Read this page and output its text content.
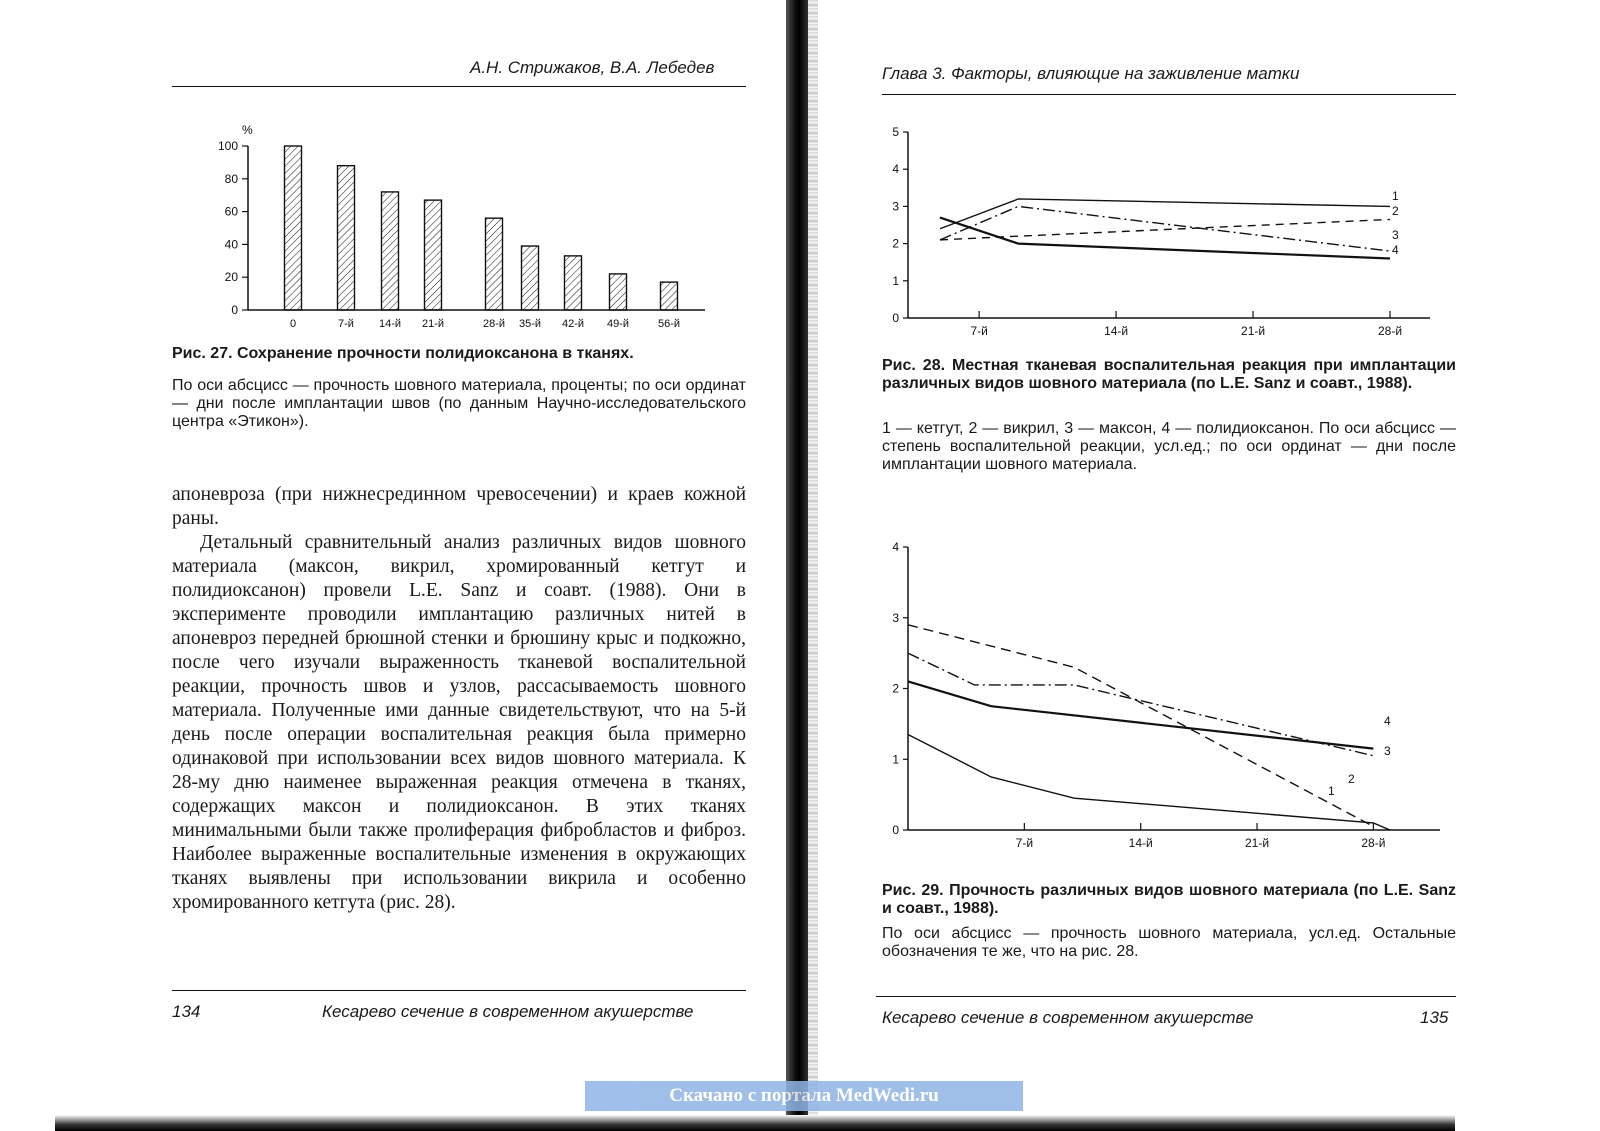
А.Н. Стрижаков, В.А. Лебедев
%
0
20
40
60
80
100
0	7-й 14-й 21-й	28-й 35-й 42-й 49-й	56-й
Рис. 27. Сохранение прочности полидиоксанона в тканях.
По оси абсцисс — прочность шовного материала, проценты; по оси ординат — дни после имплантации швов (по данным Научно-исследовательского центра «Этикон»).

апоневроза (при нижнесрединном чревосечении) и краев кожной раны.

Детальный сравнительный анализ различных видов шовного материала (максон, викрил, хромированный кетгут и полидиоксанон) провели L.E. Sanz и соавт. (1988). Они в эксперименте проводили имплантацию различных нитей в апоневроз передней брюшной стенки и брюшину крыс и подкожно, после чего изучали выраженность тканевой воспалительной реакции, прочность швов и узлов, рассасываемость шовного материала. Полученные ими данные свидетельствуют, что на 5-й день после операции воспалительная реакция была примерно одинаковой при использовании всех видов шовного материала. К 28-му дню наименее выраженная реакция отмечена в тканях, содержащих максон и полидиоксанон. В этих тканях минимальными были также пролиферация фибробластов и фиброз. Наиболее выраженные воспалительные изменения в окружающих тканях выявлены при использовании викрила и особенно хромированного кетгута (рис. 28).

134	Кесарево сечение в современном акушерстве
Глава 3. Факторы, влияющие на заживление матки
0
1
2
3
4
5
7-й	14-й	21-й	28-й
1
2
3
4
Рис. 28. Местная тканевая воспалительная реакция при имплантации различных видов шовного материала (по L.E. Sanz и соавт., 1988).
1 — кетгут, 2 — викрил, 3 — максон, 4 — полидиоксанон. По оси абсцисс — степень воспалительной реакции, усл.ед.; по оси ординат — дни после имплантации шовного материала.
0
1
2
3
4
7-й	14-й	21-й	28-й
1
2
3
4
Рис. 29. Прочность различных видов шовного материала (по L.E. Sanz и соавт., 1988).
По оси абсцисс — прочность шовного материала, усл.ед. Остальные обозначения те же, что на рис. 28.
Кесарево сечение в современном акушерстве	135
Скачано с портала MedWedi.ru
